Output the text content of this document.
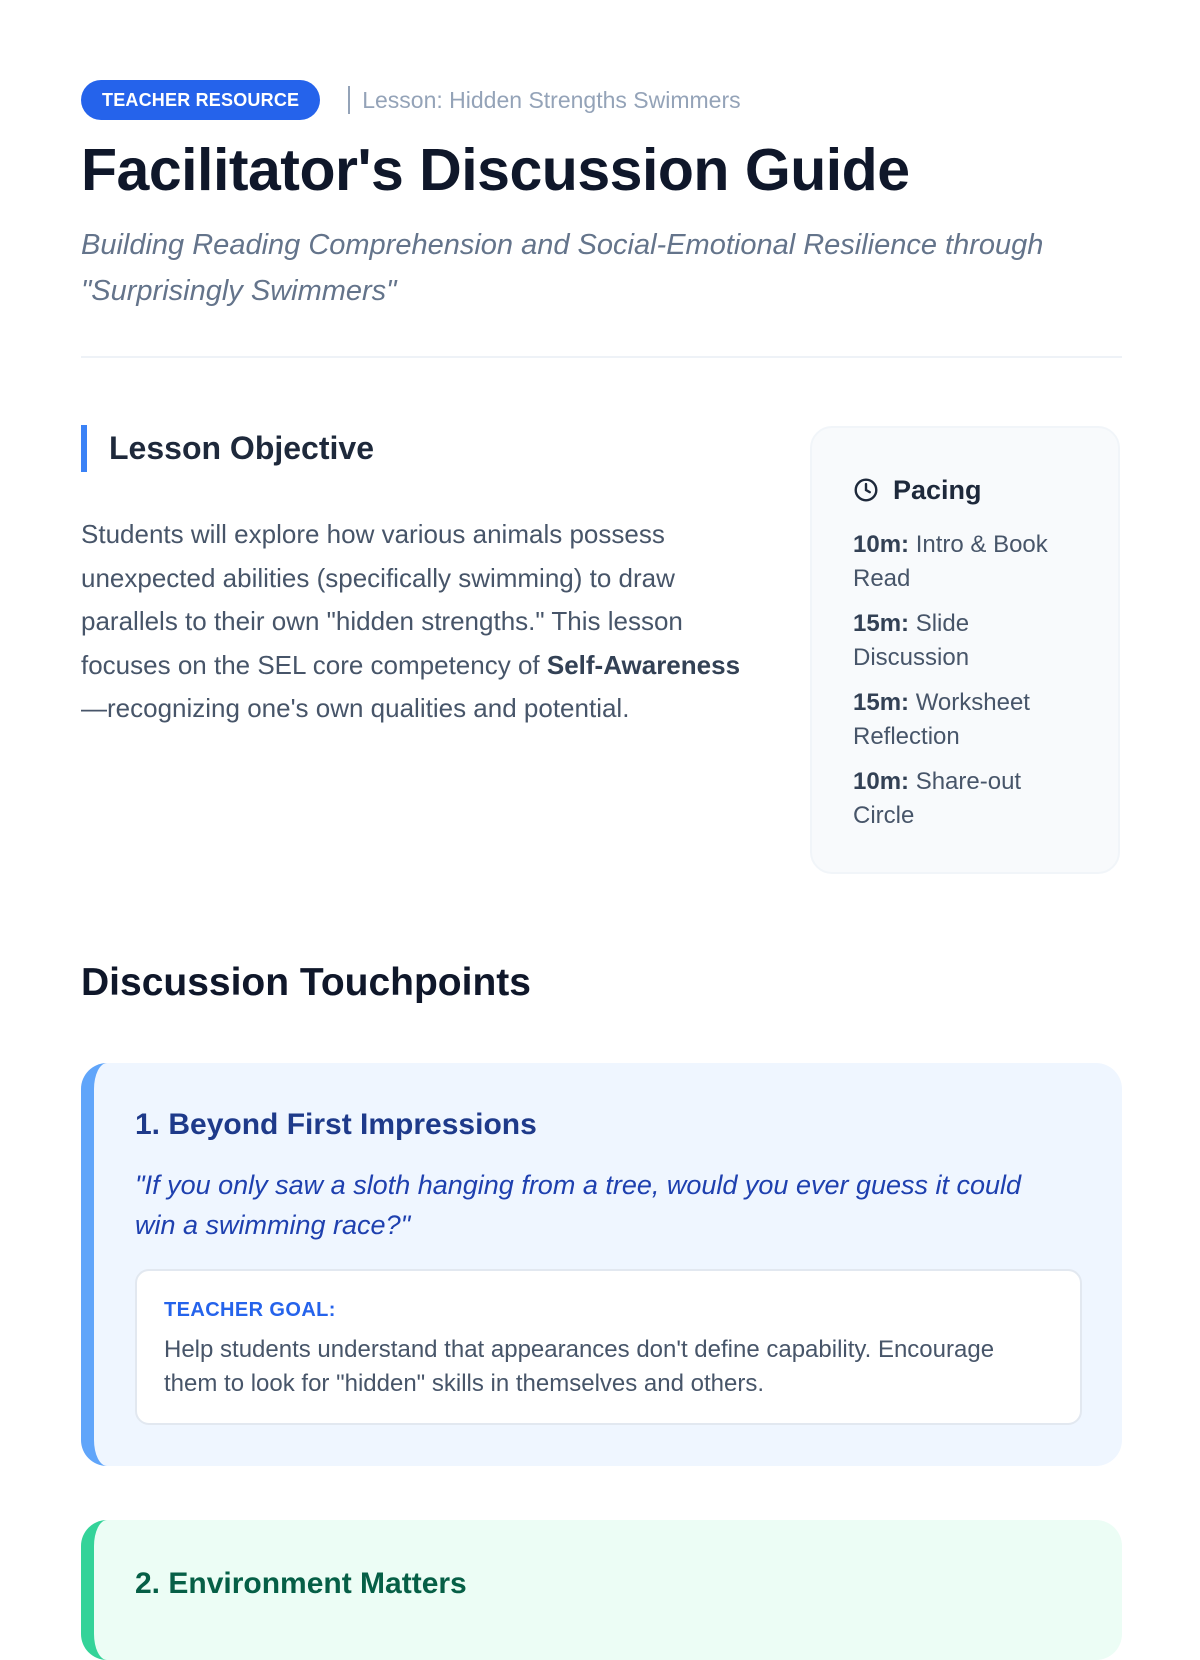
TEACHER RESOURCE	Lesson: Hidden Strengths Swimmers
Facilitator's Discussion Guide

Building Reading Comprehension and Social-Emotional Resilience through "Surprisingly Swimmers"

Lesson Objective

Students will explore how various animals possess unexpected abilities (specifically swimming) to draw parallels to their own "hidden strengths." This lesson focuses on the SEL core competency of Self-Awareness—recognizing one's own qualities and potential.

Pacing
10m: Intro & Book Read
15m: Slide Discussion
15m: Worksheet Reflection
10m: Share-out Circle
Discussion Touchpoints
1. Beyond First Impressions

"If you only saw a sloth hanging from a tree, would you ever guess it could win a swimming race?"

TEACHER GOAL:

Help students understand that appearances don't define capability. Encourage them to look for "hidden" skills in themselves and others.

2. Environment Matters
